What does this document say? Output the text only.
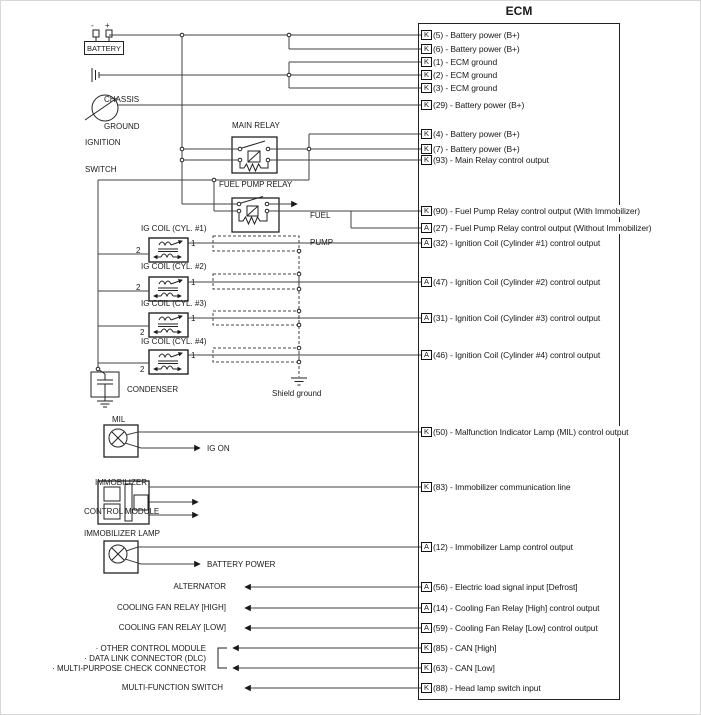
ECM
K (5) - Battery power (B+)
K (6) - Battery power (B+)
K (1) - ECM ground
K (2) - ECM ground
K (3) - ECM ground
K (29) - Battery power (B+)
K (4) - Battery power (B+)
K (7) - Battery power (B+)
K (93) - Main Relay control output
K (90) - Fuel Pump Relay control output (With Immobilizer)
A (27) - Fuel Pump Relay control output (Without Immobilizer)
A (32) - Ignition Coil (Cylinder #1) control output
A (47) - Ignition Coil (Cylinder #2) control output
A (31) - Ignition Coil (Cylinder #3) control output
A (46) - Ignition Coil (Cylinder #4) control output
K (50) - Malfunction Indicator Lamp (MIL) control output
K (83) - Immobilizer communication line
A (12) - Immobilizer Lamp control output
A (56) - Electric load signal input [Defrost]
A (14) - Cooling Fan Relay [High] control output
A (59) - Cooling Fan Relay [Low] control output
K (85) - CAN [High]
K (63) - CAN [Low]
K (88) - Head lamp switch input
- +
BATTERY

CHASSIS

GROUND

IGNITION

SWITCH

MAIN RELAY
FUEL PUMP RELAY

FUEL

PUMP

IG COIL (CYL. #1)
IG COIL (CYL. #2)
IG COIL (CYL. #3)
IG COIL (CYL. #4)
2
1
2
1
2
1
2
1
CONDENSER	Shield ground
MIL
IG ON

IMMOBILIZER

CONTROL MODULE

IMMOBILIZER LAMP
BATTERY POWER
ALTERNATOR
COOLING FAN RELAY [HIGH]
COOLING FAN RELAY [LOW]
· OTHER CONTROL MODULE
· DATA LINK CONNECTOR (DLC)
· MULTI-PURPOSE CHECK CONNECTOR
MULTI-FUNCTION SWITCH
